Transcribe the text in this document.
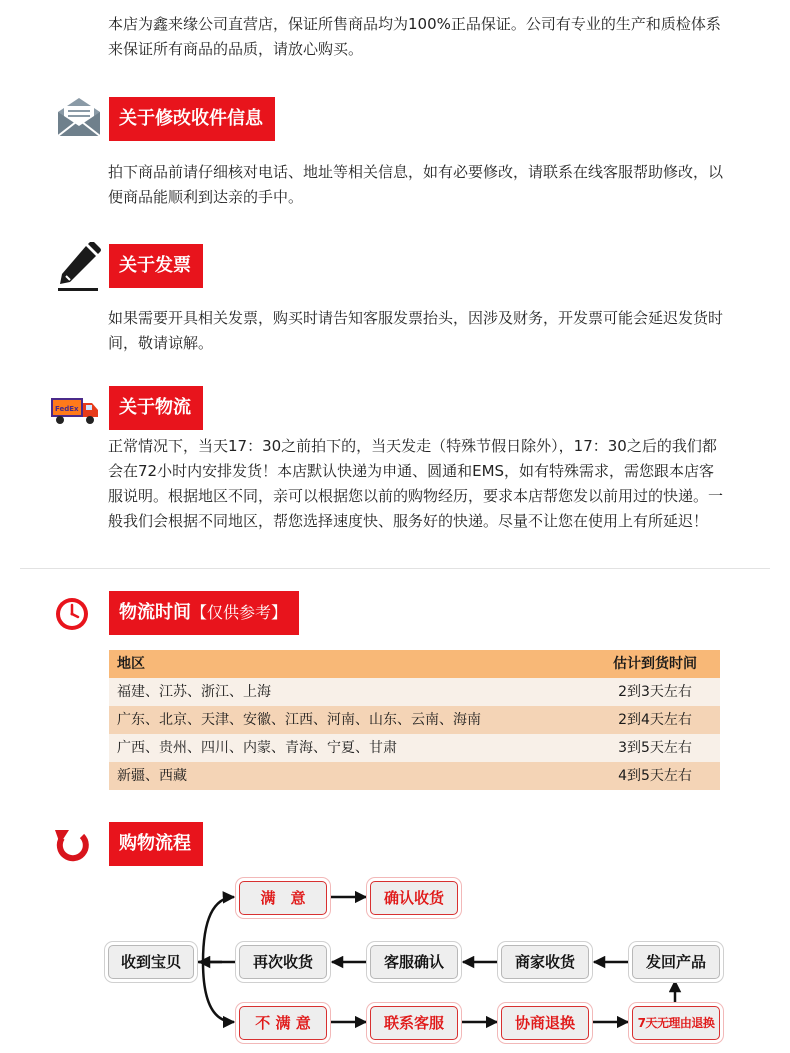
本店为鑫来缘公司直营店，保证所售商品均为100%正品保证。公司有专业的生产和质检体系来保证所有商品的品质，请放心购买。
关于修改收件信息
拍下商品前请仔细核对电话、地址等相关信息，如有必要修改，请联系在线客服帮助修改，以便商品能顺利到达亲的手中。
关于发票
如果需要开具相关发票，购买时请告知客服发票抬头，因涉及财务，开发票可能会延迟发货时间，敬请谅解。
FedEx	关于物流
正常情况下，当天17：30之前拍下的，当天发走（特殊节假日除外），17：30之后的我们都会在72小时内安排发货！本店默认快递为申通、圆通和EMS，如有特殊需求，需您跟本店客服说明。根据地区不同，亲可以根据您以前的购物经历，要求本店帮您发以前用过的快递。一般我们会根据不同地区，帮您选择速度快、服务好的快递。尽量不让您在使用上有所延迟！
物流时间【仅供参考】
地区	估计到货时间
福建、江苏、浙江、上海	2到3天左右
广东、北京、天津、安徽、江西、河南、山东、云南、海南	2到4天左右
广西、贵州、四川、内蒙、青海、宁夏、甘肃	3到5天左右
新疆、西藏	4到5天左右
购物流程
收到宝贝
满　意	确认收货
再次收货	客服确认	商家收货	发回产品
不 满 意	联系客服	协商退换	7天无理由退换
